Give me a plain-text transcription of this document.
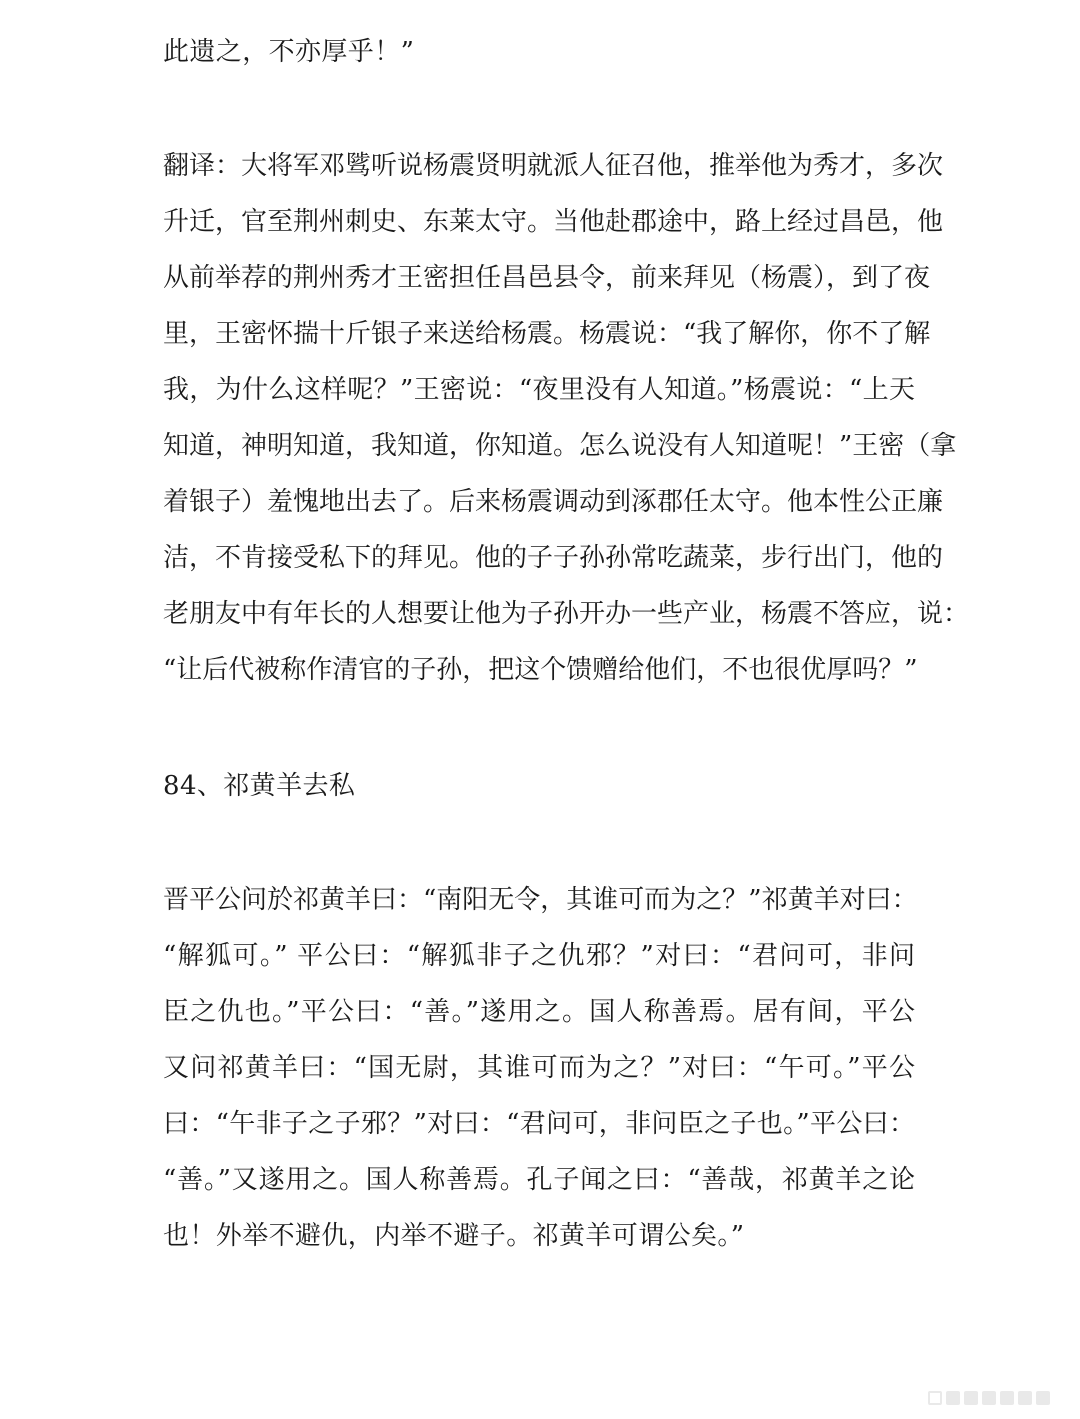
此遗之，不亦厚乎！”
翻译：大将军邓骘听说杨震贤明就派人征召他，推举他为秀才，多次
升迁，官至荆州刺史、东莱太守。当他赴郡途中，路上经过昌邑，他
从前举荐的荆州秀才王密担任昌邑县令，前来拜见（杨震），到了夜
里，王密怀揣十斤银子来送给杨震。杨震说：“我了解你，你不了解
我，为什么这样呢？”王密说：“夜里没有人知道。”杨震说：“上天
知道，神明知道，我知道，你知道。怎么说没有人知道呢！”王密（拿
着银子）羞愧地出去了。后来杨震调动到涿郡任太守。他本性公正廉
洁，不肯接受私下的拜见。他的子子孙孙常吃蔬菜，步行出门，他的
老朋友中有年长的人想要让他为子孙开办一些产业，杨震不答应，说：
“让后代被称作清官的子孙，把这个馈赠给他们，不也很优厚吗？”
84、祁黄羊去私
晋平公问於祁黄羊曰：“南阳无令，其谁可而为之？”祁黄羊对曰：
“解狐可。” 平公曰：“解狐非子之仇邪？”对曰：“君问可，非问
臣之仇也。”平公曰：“善。”遂用之。国人称善焉。居有间，平公
又问祁黄羊曰：“国无尉，其谁可而为之？”对曰：“午可。”平公
曰：“午非子之子邪？”对曰：“君问可，非问臣之子也。”平公曰：
“善。”又遂用之。国人称善焉。孔子闻之曰：“善哉，祁黄羊之论
也！外举不避仇，内举不避子。祁黄羊可谓公矣。”
